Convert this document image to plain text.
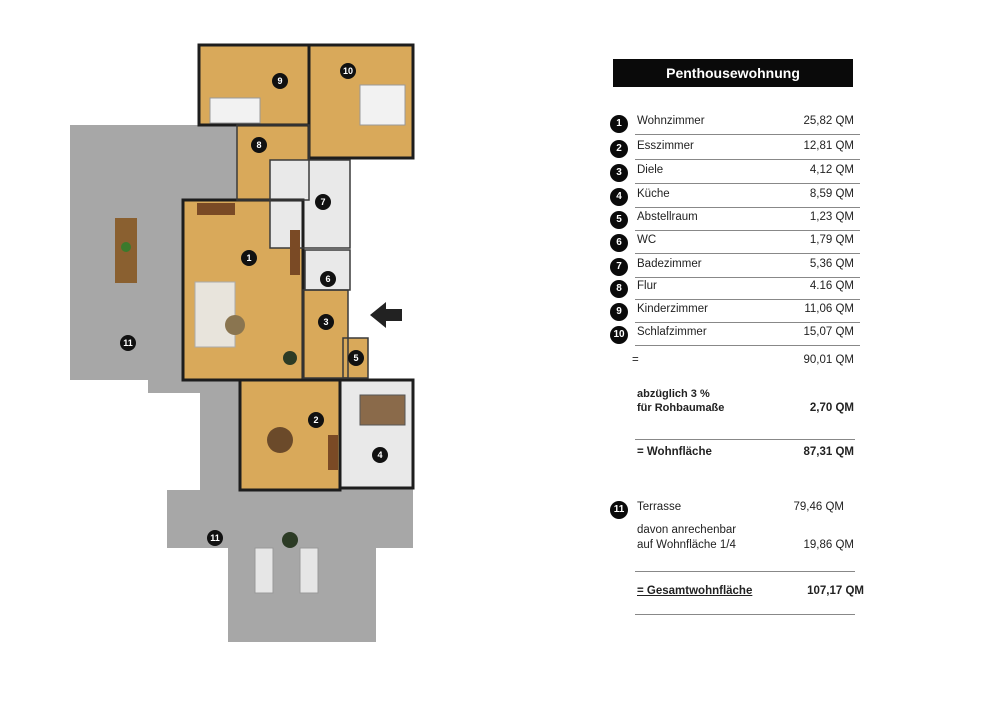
1
2
3
4
5
6
7
8
9
10
11
11
Penthousewohnung
1	Wohnzimmer	25,82 QM
2	Esszimmer	12,81 QM
3	Diele	4,12 QM
4	Küche	8,59 QM
5	Abstellraum	1,23 QM
6	WC	1,79 QM
7	Badezimmer	5,36 QM
8	Flur	4.16 QM
9	Kinderzimmer	11,06 QM
10 Schlafzimmer	15,07 QM
=	90,01 QM
abzüglich 3 %
für Rohbaumaße	2,70 QM
= Wohnfläche	87,31 QM
11	Terrasse	79,46 QM
davon anrechenbar
auf Wohnfläche 1/4	19,86 QM
= Gesamtwohnfläche	107,17 QM
